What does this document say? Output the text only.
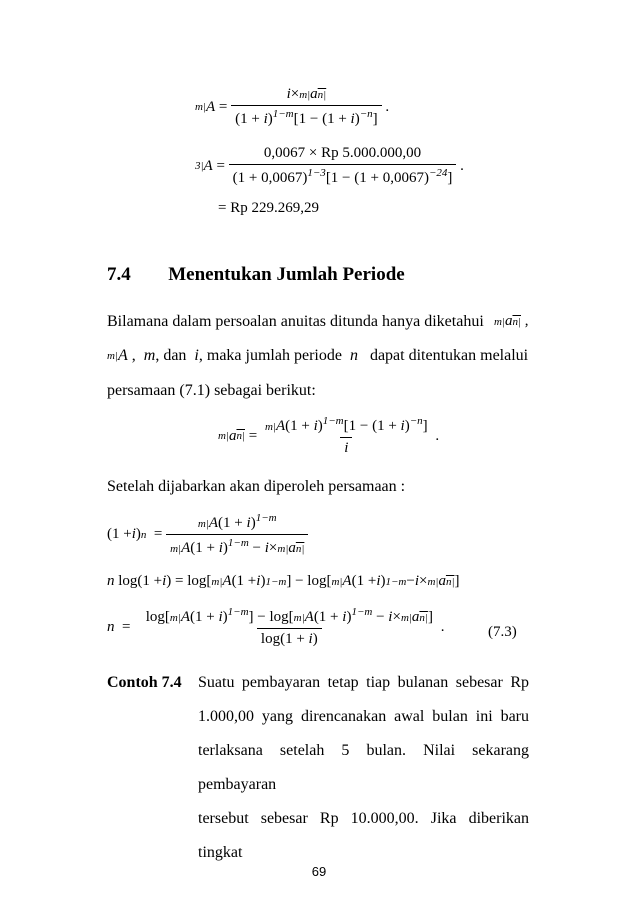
m| $A = \frac{i\times m|an|}{(1 + i)^{1-m}[1 - (1 + i)^{-n}]}$ .
3| $A = \frac{0,0067 \times Rp 5.000.000,00}{(1 + 0,0067)^{1-3}[1 - (1 + 0,0067)^{-24}]}$ .
= Rp 229.269,29
7.4 Menentukan Jumlah Periode
Bilamana dalam persoalan anuitas ditunda hanya diketahui m| a n| ,
m| A , m , dan
i , maka jumlah periode
n
dapat ditentukan melalui
persamaan (7.1) sebagai berikut:
m| a $n| = \frac{m|A(1 + i)^{1-m}[1 - (1 + i)^{-n}]}{i}$ .
Setelah dijabarkan akan diperoleh persamaan :
(1 + i ) $n = \frac{m|A(1 + i)^{1-m}}{m|A(1 + i)^{1-m} - i\times m|an|}$
n log(1 + i ) = log[ m| A (1 + i ) 1−m ] − log[ m| A (1 + i ) 1−m − i × m| a n| ]
$n = \frac{\log[m|A(1 + i)^{1-m}] - \log[m|A(1 + i)^{1-m} - i\times m|an|]}{\log(1 + i)}$ .	(7.3)
Contoh 7.4 Suatu pembayaran tetap tiap bulanan sebesar Rp
1.000,00 yang direncanakan awal bulan ini baru
terlaksana setelah 5 bulan. Nilai sekarang pembayaran
tersebut sebesar Rp 10.000,00. Jika diberikan tingkat
69
